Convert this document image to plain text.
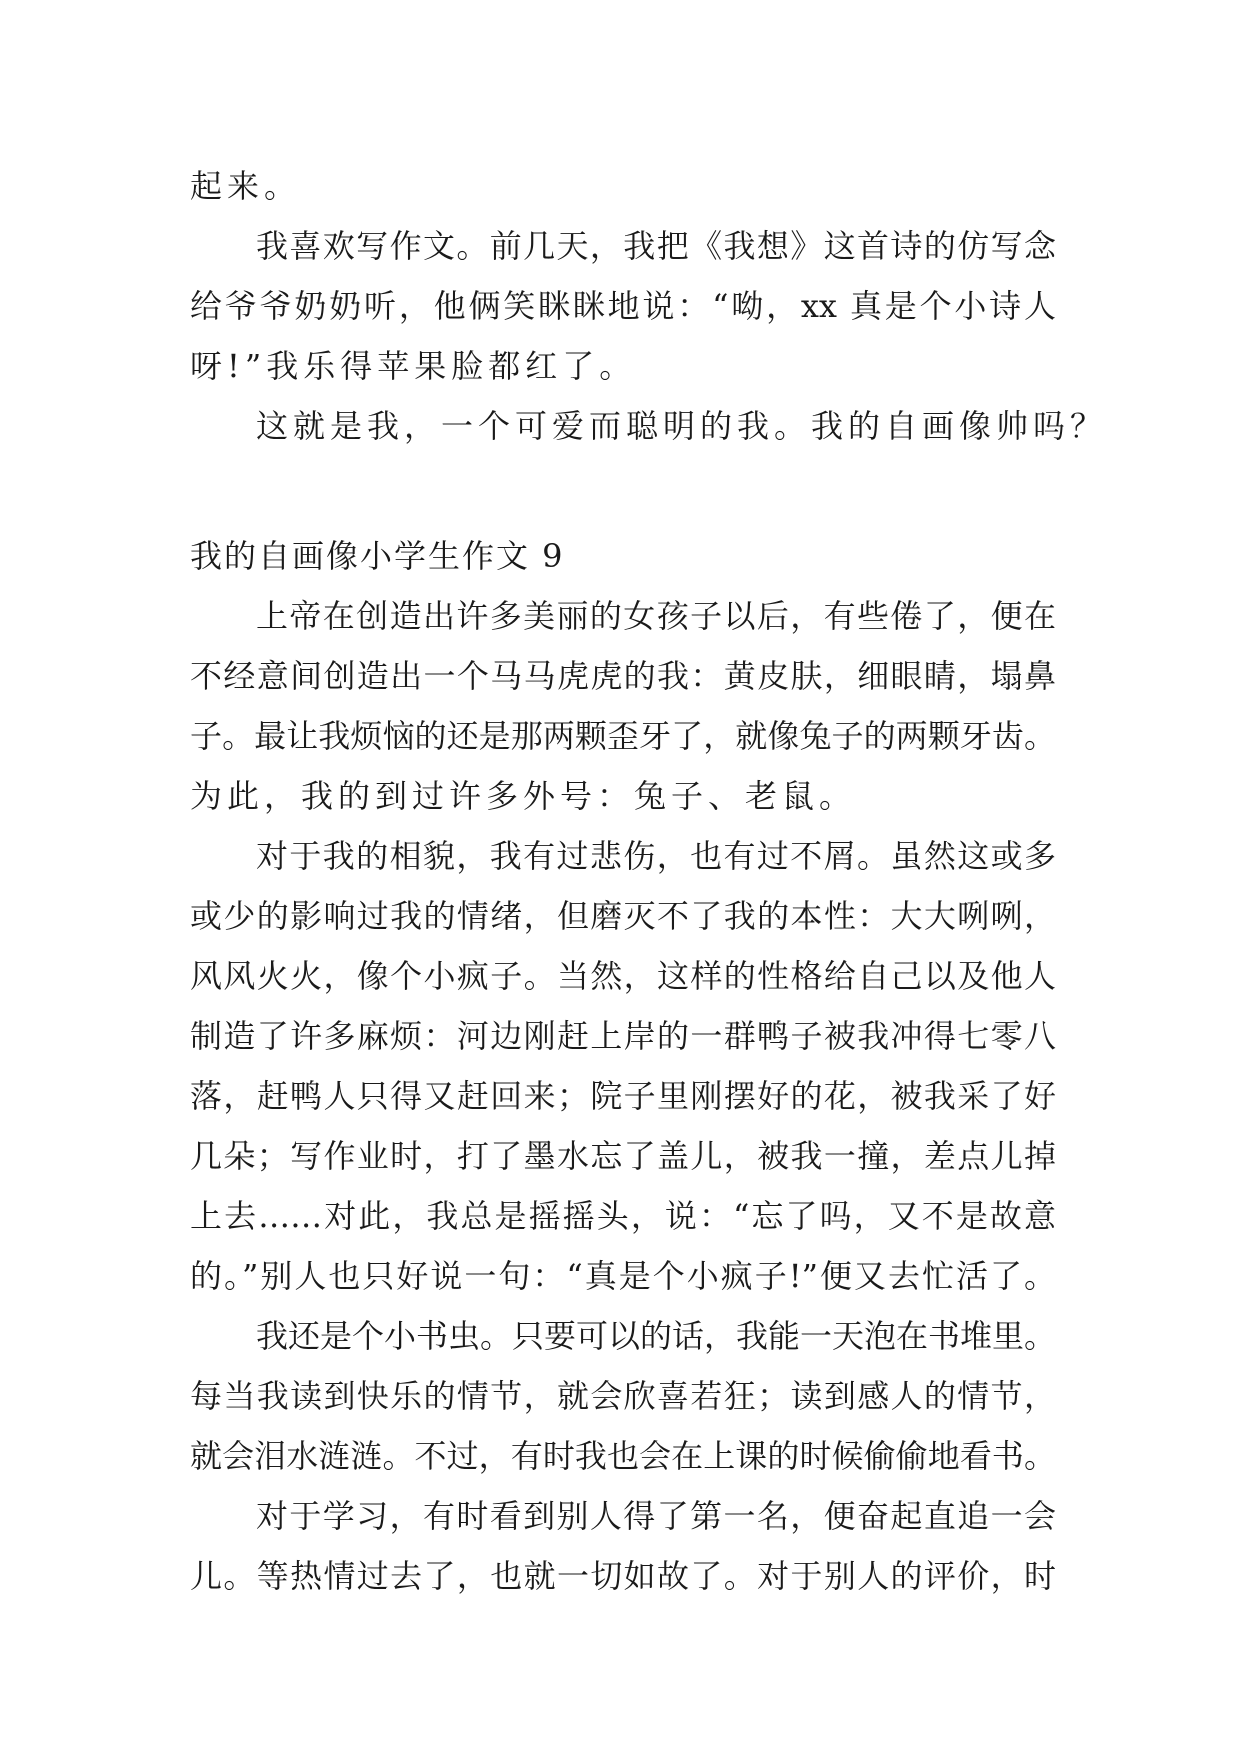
起来。
我喜欢写作文。前几天，我把《我想》这首诗的仿写念
给爷爷奶奶听，他俩笑眯眯地说：“呦，xx 真是个小诗人
呀!”我乐得苹果脸都红了。
这就是我，一个可爱而聪明的我。我的自画像帅吗？
我的自画像小学生作文 9
上帝在创造出许多美丽的女孩子以后，有些倦了，便在
不经意间创造出一个马马虎虎的我：黄皮肤，细眼睛，塌鼻
子。最让我烦恼的还是那两颗歪牙了，就像兔子的两颗牙齿。
为此，我的到过许多外号：兔子、老鼠。
对于我的相貌，我有过悲伤，也有过不屑。虽然这或多
或少的影响过我的情绪，但磨灭不了我的本性：大大咧咧，
风风火火，像个小疯子。当然，这样的性格给自己以及他人
制造了许多麻烦：河边刚赶上岸的一群鸭子被我冲得七零八
落，赶鸭人只得又赶回来；院子里刚摆好的花，被我采了好
几朵；写作业时，打了墨水忘了盖儿，被我一撞，差点儿掉
上去……对此，我总是摇摇头，说：“忘了吗，又不是故意
的。”别人也只好说一句：“真是个小疯子!”便又去忙活了。
我还是个小书虫。只要可以的话，我能一天泡在书堆里。
每当我读到快乐的情节，就会欣喜若狂；读到感人的情节，
就会泪水涟涟。不过，有时我也会在上课的时候偷偷地看书。
对于学习，有时看到别人得了第一名，便奋起直追一会
儿。等热情过去了，也就一切如故了。对于别人的评价，时
